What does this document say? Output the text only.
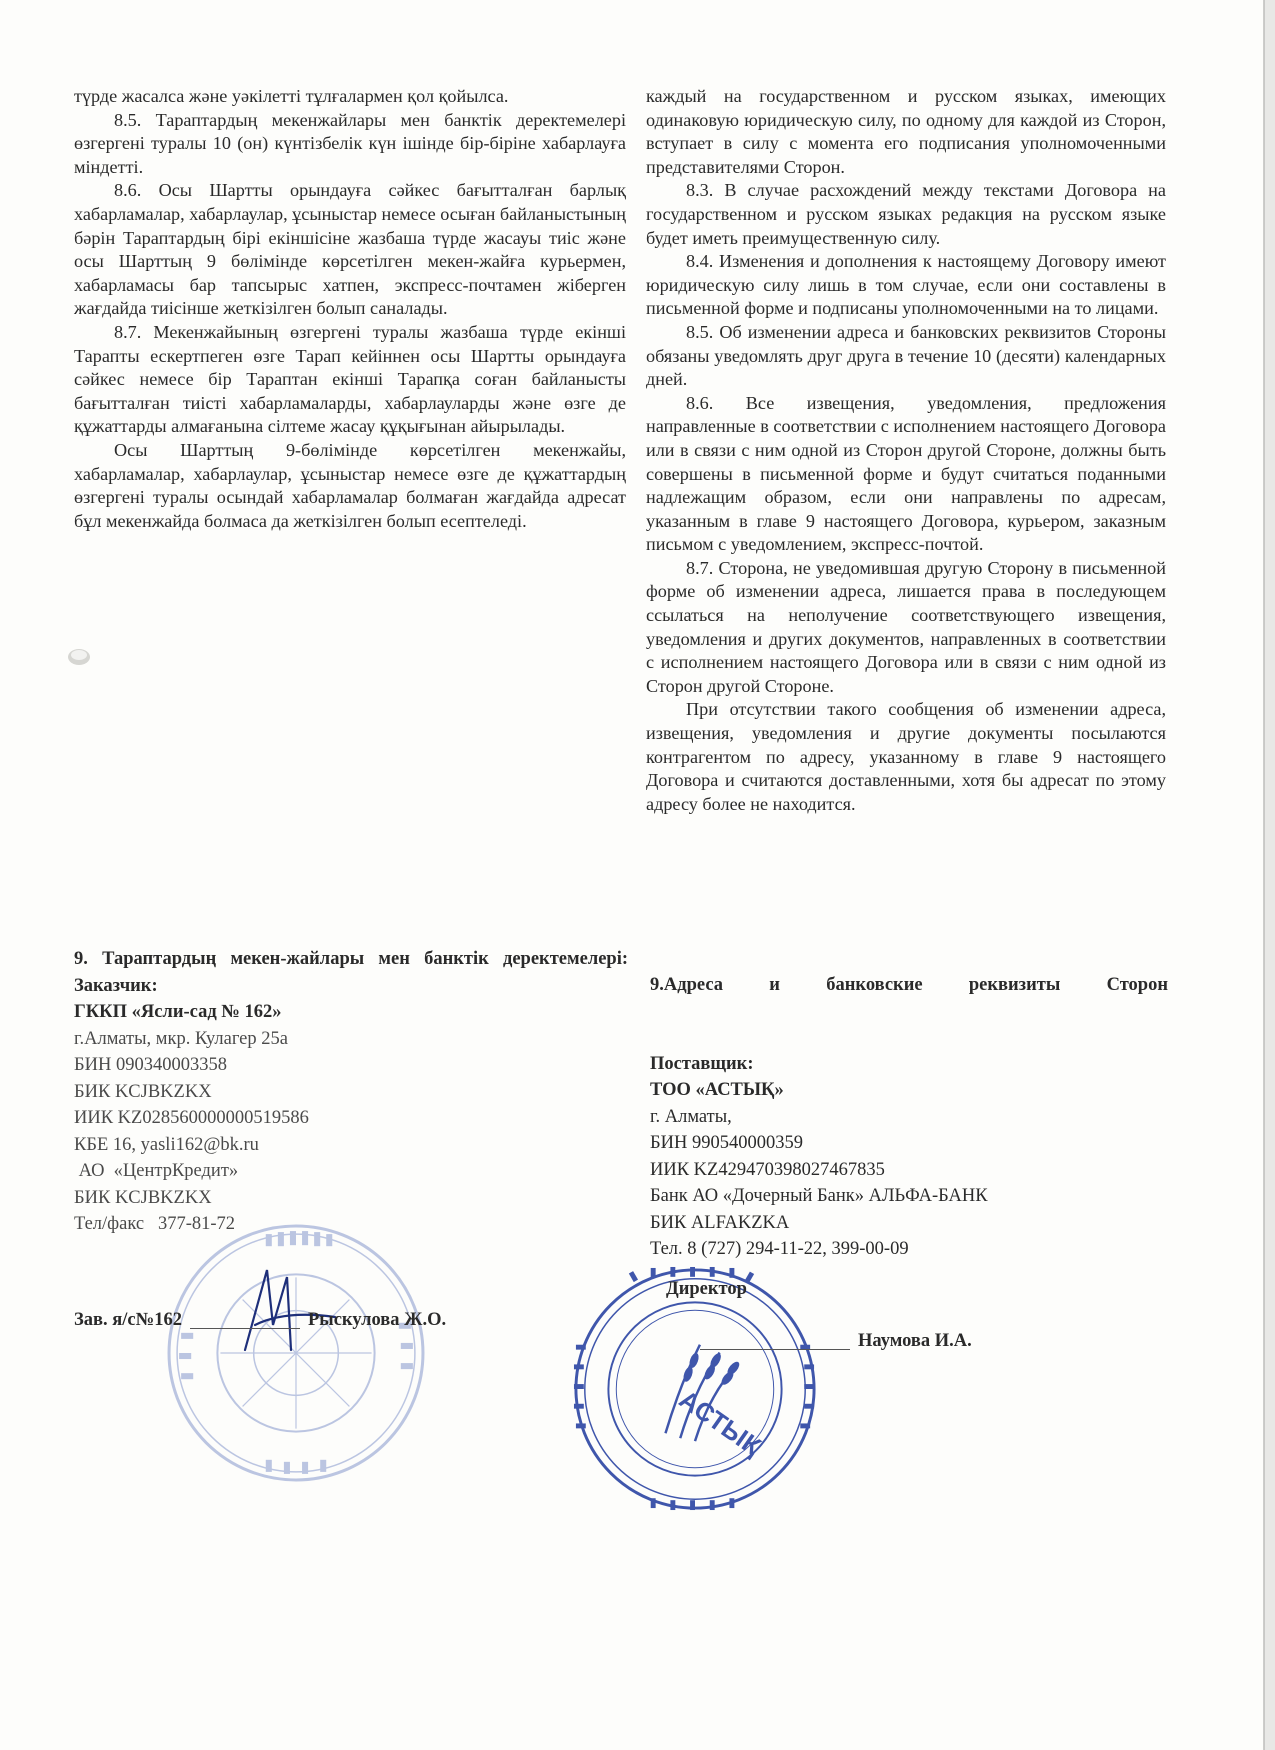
түрде жасалса және уәкілетті тұлғалармен қол қойылса.

8.5. Тараптардың мекенжайлары мен банктік деректемелері өзгергені туралы 10 (он) күнтізбелік күн ішінде бір-біріне хабарлауға міндетті.

8.6. Осы Шартты орындауға сәйкес бағытталған барлық хабарламалар, хабарлаулар, ұсыныстар немесе осыған байланыстының бәрін Тараптардың бірі екіншісіне жазбаша түрде жасауы тиіс және осы Шарттың 9 бөлімінде көрсетілген мекен-жайға курьермен, хабарламасы бар тапсырыс хатпен, экспресс-почтамен жіберген жағдайда тиісінше жеткізілген болып саналады.

8.7. Мекенжайының өзгергені туралы жазбаша түрде екінші Тарапты ескертпеген өзге Тарап кейіннен осы Шартты орындауға сәйкес немесе бір Тараптан екінші Тарапқа соған байланысты бағытталған тиісті хабарламаларды, хабарлауларды және өзге де құжаттарды алмағанына сілтеме жасау құқығынан айырылады.

Осы Шарттың 9-бөлімінде көрсетілген мекенжайы, хабарламалар, хабарлаулар, ұсыныстар немесе өзге де құжаттардың өзгергені туралы осындай хабарламалар болмаған жағдайда адресат бұл мекенжайда болмаса да жеткізілген болып есептеледі.

каждый на государственном и русском языках, имеющих одинаковую юридическую силу, по одному для каждой из Сторон, вступает в силу с момента его подписания уполномоченными представителями Сторон.

8.3. В случае расхождений между текстами Договора на государственном и русском языках редакция на русском языке будет иметь преимущественную силу.

8.4. Изменения и дополнения к настоящему Договору имеют юридическую силу лишь в том случае, если они составлены в письменной форме и подписаны уполномоченными на то лицами.

8.5. Об изменении адреса и банковских реквизитов Стороны обязаны уведомлять друг друга в течение 10 (десяти) календарных дней.

8.6. Все извещения, уведомления, предложения направленные в соответствии с исполнением настоящего Договора или в связи с ним одной из Сторон другой Стороне, должны быть совершены в письменной форме и будут считаться поданными надлежащим образом, если они направлены по адресам, указанным в главе 9 настоящего Договора, курьером, заказным письмом с уведомлением, экспресс-почтой.

8.7. Сторона, не уведомившая другую Сторону в письменной форме об изменении адреса, лишается права в последующем ссылаться на неполучение соответствующего извещения, уведомления и других документов, направленных в соответствии с исполнением настоящего Договора или в связи с ним одной из Сторон другой Стороне.

При отсутствии такого сообщения об изменении адреса, извещения, уведомления и другие документы посылаются контрагентом по адресу, указанному в главе 9 настоящего Договора и считаются доставленными, хотя бы адресат по этому адресу более не находится.

9. Тараптардың мекен-жайлары мен банктік деректемелері:

Заказчик:

ГККП «Ясли-сад № 162»

г.Алматы, мкр. Кулагер 25а

БИН 090340003358

БИК KCJBKZKX

ИИК KZ028560000000519586

КБЕ 16, yasli162@bk.ru

АО  «ЦентрКредит»

БИК KCJBKZKX

Тел/факс   377-81-72

9.Адреса и банковские реквизиты Сторон

Поставщик:

ТОО «АСТЫҚ»

г. Алматы,

БИН 990540000359

ИИК KZ429470398027467835

Банк АО «Дочерный Банк» АЛЬФА-БАНК

БИК ALFAKZKA

Тел. 8 (727) 294-11-22, 399-00-09

АСТЫҚ
Зав. я/с№162	Рыскулова Ж.О.
Директор
Наумова И.А.
